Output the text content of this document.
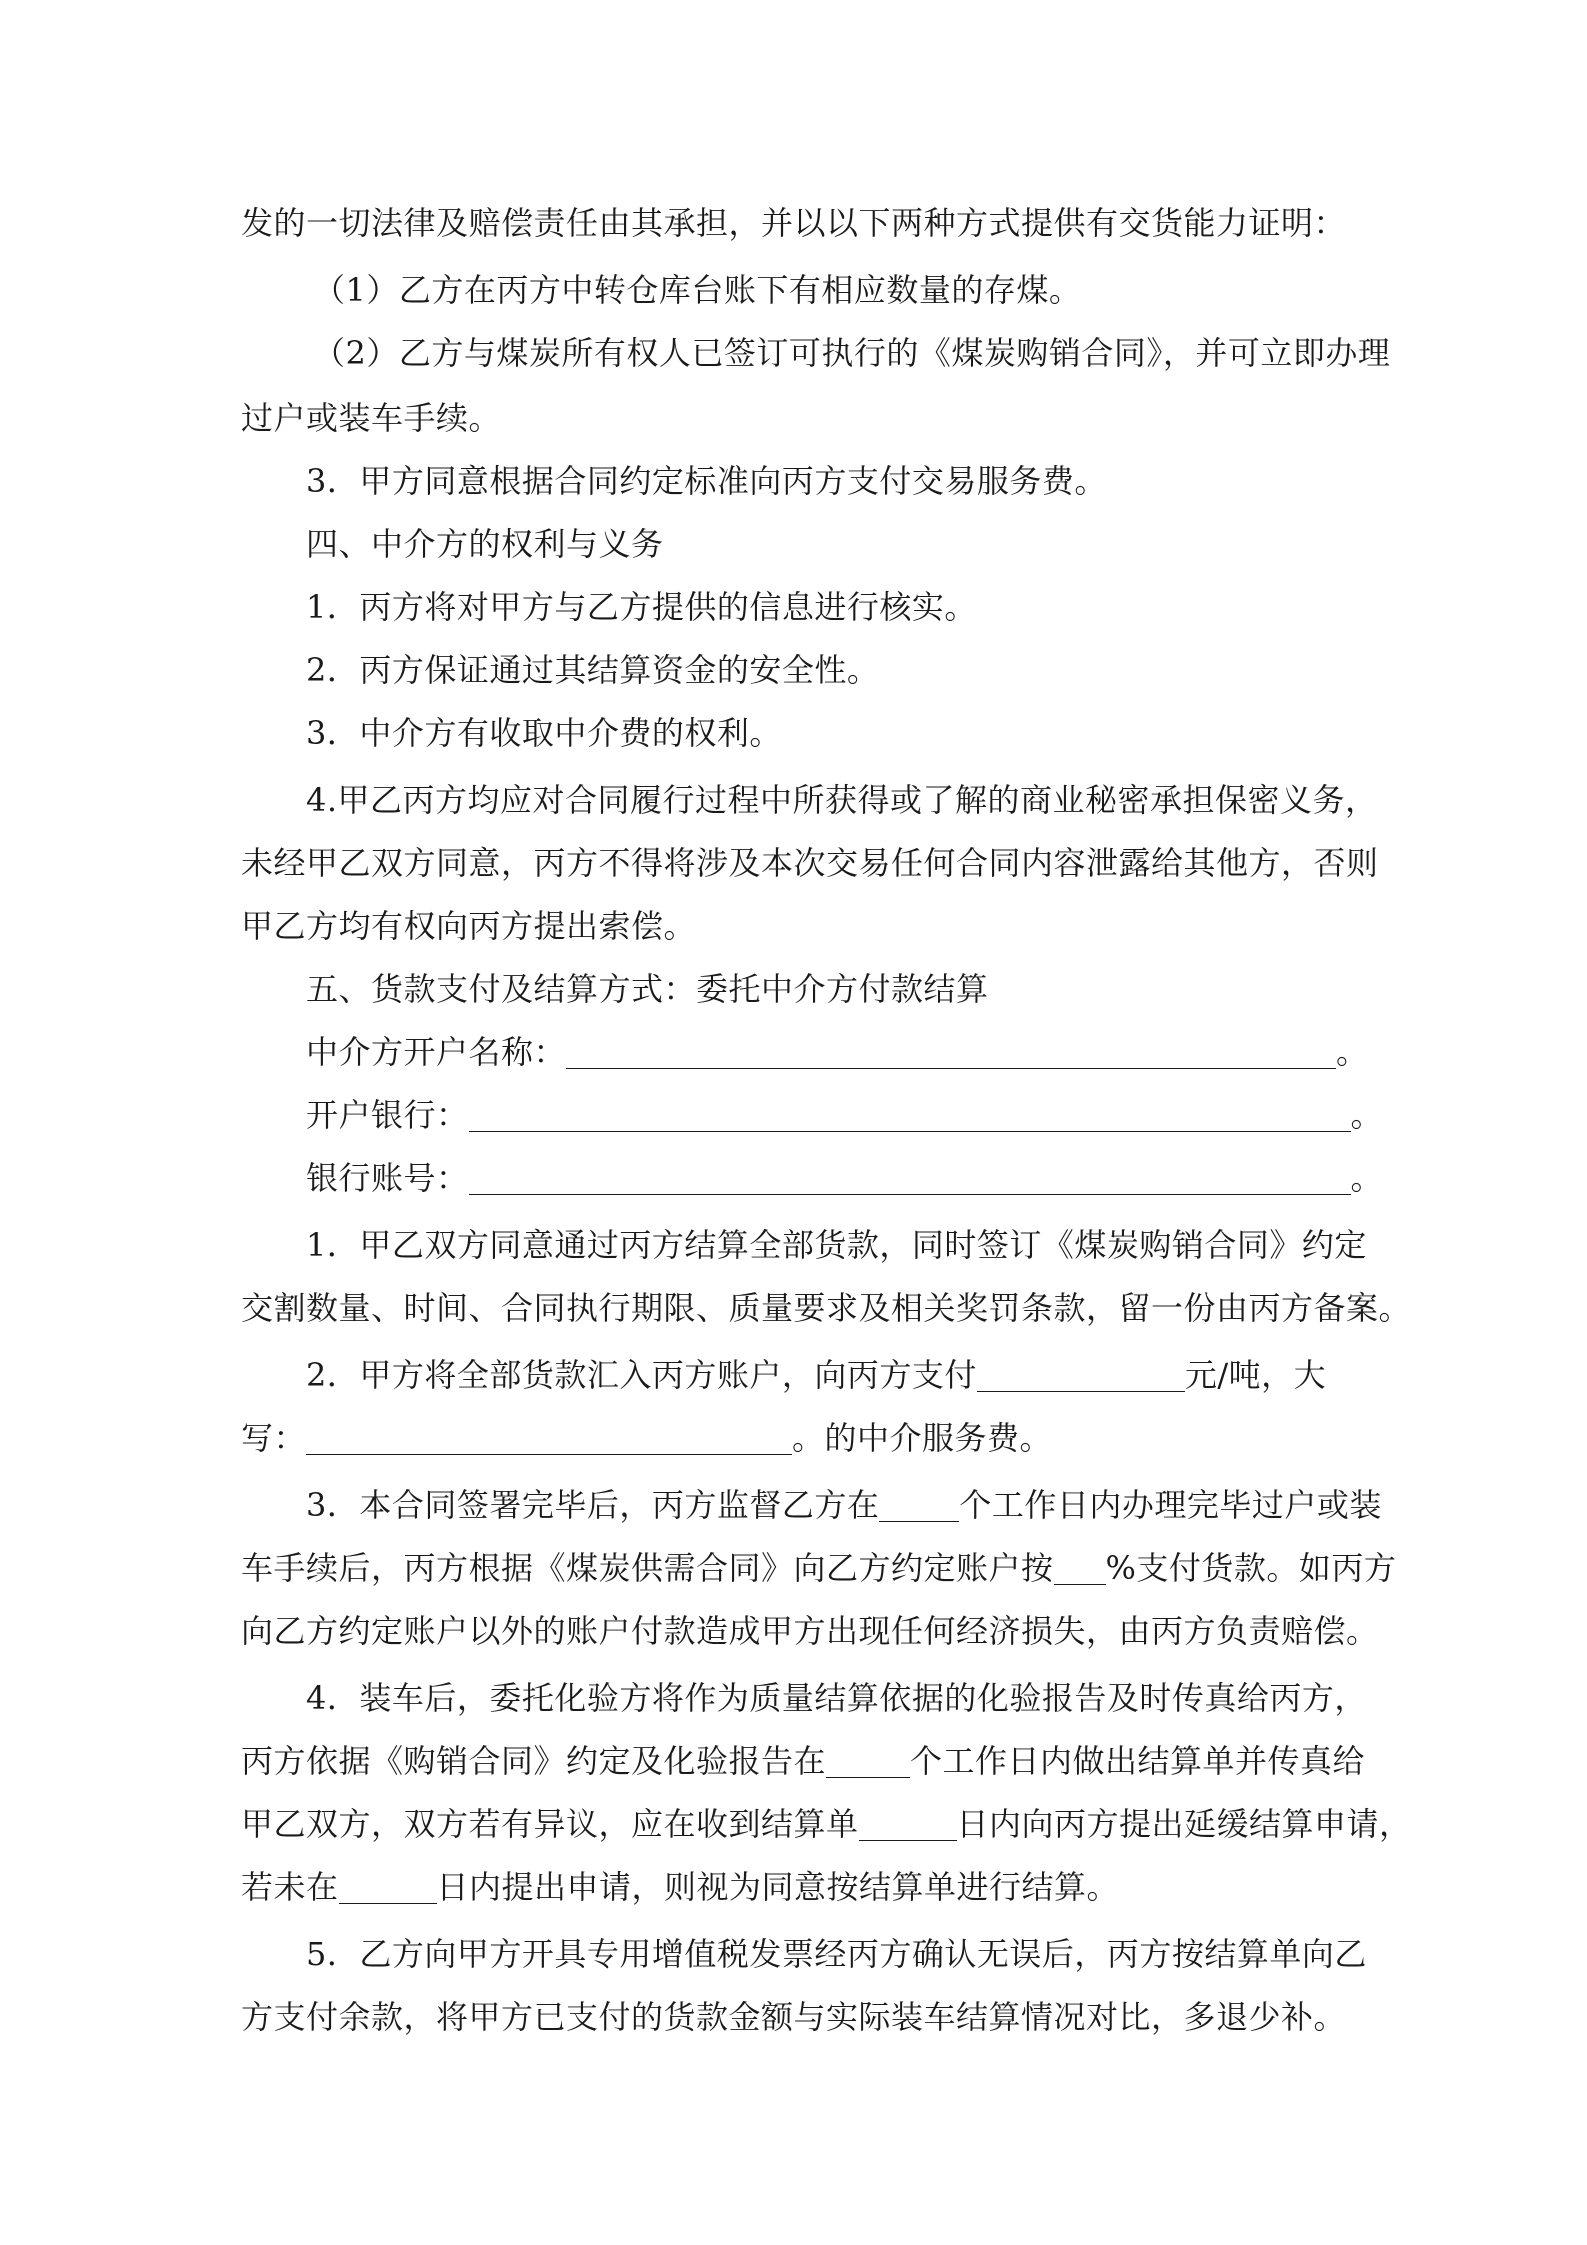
发的一切法律及赔偿责任由其承担，并以以下两种方式提供有交货能力证明：
（1）乙方在丙方中转仓库台账下有相应数量的存煤。
（2）乙方与煤炭所有权人已签订可执行的《煤炭购销合同》，并可立即办理
过户或装车手续。
3．甲方同意根据合同约定标准向丙方支付交易服务费。
四、中介方的权利与义务
1．丙方将对甲方与乙方提供的信息进行核实。
2．丙方保证通过其结算资金的安全性。
3．中介方有收取中介费的权利。
4.甲乙丙方均应对合同履行过程中所获得或了解的商业秘密承担保密义务，
未经甲乙双方同意，丙方不得将涉及本次交易任何合同内容泄露给其他方，否则
甲乙方均有权向丙方提出索偿。
五、货款支付及结算方式：委托中介方付款结算
中介方开户名称：	。
开户银行：	。
银行账号：	。
1．甲乙双方同意通过丙方结算全部货款，同时签订《煤炭购销合同》约定
交割数量、时间、合同执行期限、质量要求及相关奖罚条款，留一份由丙方备案。
2．甲方将全部货款汇入丙方账户，向丙方支付	元/吨，大
写：	。的中介服务费。
3．本合同签署完毕后，丙方监督乙方在	个工作日内办理完毕过户或装
车手续后，丙方根据《煤炭供需合同》向乙方约定账户按 %支付货款。如丙方
向乙方约定账户以外的账户付款造成甲方出现任何经济损失，由丙方负责赔偿。
4．装车后，委托化验方将作为质量结算依据的化验报告及时传真给丙方，
丙方依据《购销合同》约定及化验报告在	个工作日内做出结算单并传真给
甲乙双方，双方若有异议，应在收到结算单	日内向丙方提出延缓结算申请，
若未在	日内提出申请，则视为同意按结算单进行结算。
5．乙方向甲方开具专用增值税发票经丙方确认无误后，丙方按结算单向乙
方支付余款，将甲方已支付的货款金额与实际装车结算情况对比，多退少补。
